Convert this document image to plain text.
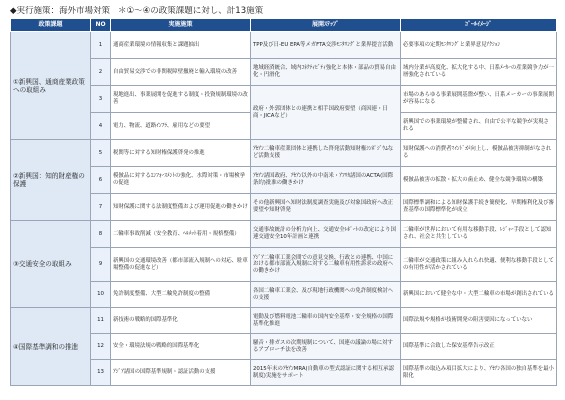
◆実行施策：海外市場対策 ＊①～④の政策課題に対し、計13施策
政策課題	NO	実施施策	展開ｽﾃｯﾌﾟ	ｺﾞｰﾙｲﾒｰｼﾞ
①新興国、通商産業政策への取組み	1	通商産業環境の情報収集と課題抽出	TPP及び日-EU EPA等メガFTA交渉ﾓﾆﾀﾘﾝｸﾞと業界提言活動	必要事項の定期ﾓﾆﾀﾘﾝｸﾞと業界意見ｱｸｼｮﾝ
	2	自由貿易交渉での非関税障壁撤廃と輸入環境の改善	地域経済統合、域内ｺﾈｸﾃｨﾋﾞﾃｨ強化と本体・部品の貿易自由化・円滑化	域内分業が高度化、拡大化する中、日系ﾒｰｶｰの産業競争力が一層強化されている
	3	現地進出、事業展開を促進する制度・投資規制環境の改善	政府・外郭団体との連携と相手国政府要望（商因連・日商・JICAなど）	市場のあらゆる事業展開基盤が整い、日系メーカーの事業展開が容易になる
	4	電力、物流、道路ｲﾝﾌﾗ、雇用などの要望		新興国での事業環境が整備され、自由で公平な競争が実現される
②新興国：知的財産権の保護	5	税関等に対する知財権保護啓発の推進	ｱｾｱﾝ二輪車産業団体と連携した啓発活動知財権ｼﾝﾎﾟｼﾞｳﾑなど活動支援	知財保護への消費者ﾏｲﾝﾄﾞが向上し、模倣品被害抑制がなされる
	6	模倣品に対するｴﾝﾌｫｰｽﾒﾝﾄの強化、水際対策・市場検挙の促進	ｱｾｱﾝ諸国政府、ｱｾｱﾝ以外の中南米・ｱﾌﾘｶ諸国のACTA(国際条約)批准の働きかけ	模倣品被害の拡散・拡大の歯止め、健全な競争環境の構築
	7	知財保護に関する法制度整備および運用促進の働きかけ	その他新興国へ知財法制度調査実施及び対象国政府へ改正要望や知財啓発	国際標準調和による知財保護手続き簡便化、早期権利化及び審査基準の国際標準化が成立
③交通安全の取組み	8	二輪車事故削減（安全教育、ﾍﾙﾒｯﾄ着用・規格整備）	交通事故統計の分析力向上、交通安全ﾚﾎﾟｰﾄの改定により国連交通安全10年計画と連携	二輪車が世界において有用な移動手段、ﾚｼﾞｬｰ手段として認知され、社会と共生している
	9	新興国の交通環境改善（都市部流入規制への対応、駐車場整備の促進など）	ｱｼﾞｱ二輪車工業会間での意見交換、行政との連携、中国における都市部流入規制に対する二輪車有用性訴求の政府への働きかけ	二輪車が交通政策に組み入れられ快適、便利な移動手段としての有用性が活かされている
	10	免許制度整備、大型二輪免許制度の整備	各国二輪車工業会、及び現地行政機関への免許制度検討への支援	新興国において健全な中・大型二輪車の市場が創出されている
④国際基準調和の推進	11	新技術の戦略的国際基準化	電動及び燃料電池二輪車の国内安全基準・安全規格の国際基準化推進	国際法規や規格が技術開発の阻害要因になっていない
	12	安全・環境法規の戦略的国際基準化	騒音・排ガスの次期規制について、国連の議論の場に対するアプローチ法を改善	国際基準に合致した保安基準告示改正
	13	ｱｼﾞｱ諸国の国際基準規制・認証活動の支援	2015年末のｱｾｱﾝMRA(自動車の型式認証に関する相互承認制度)実施をサポート	国際基準の取込み項目拡大により、ｱｾｱﾝ各国の独自基準を最小限化
